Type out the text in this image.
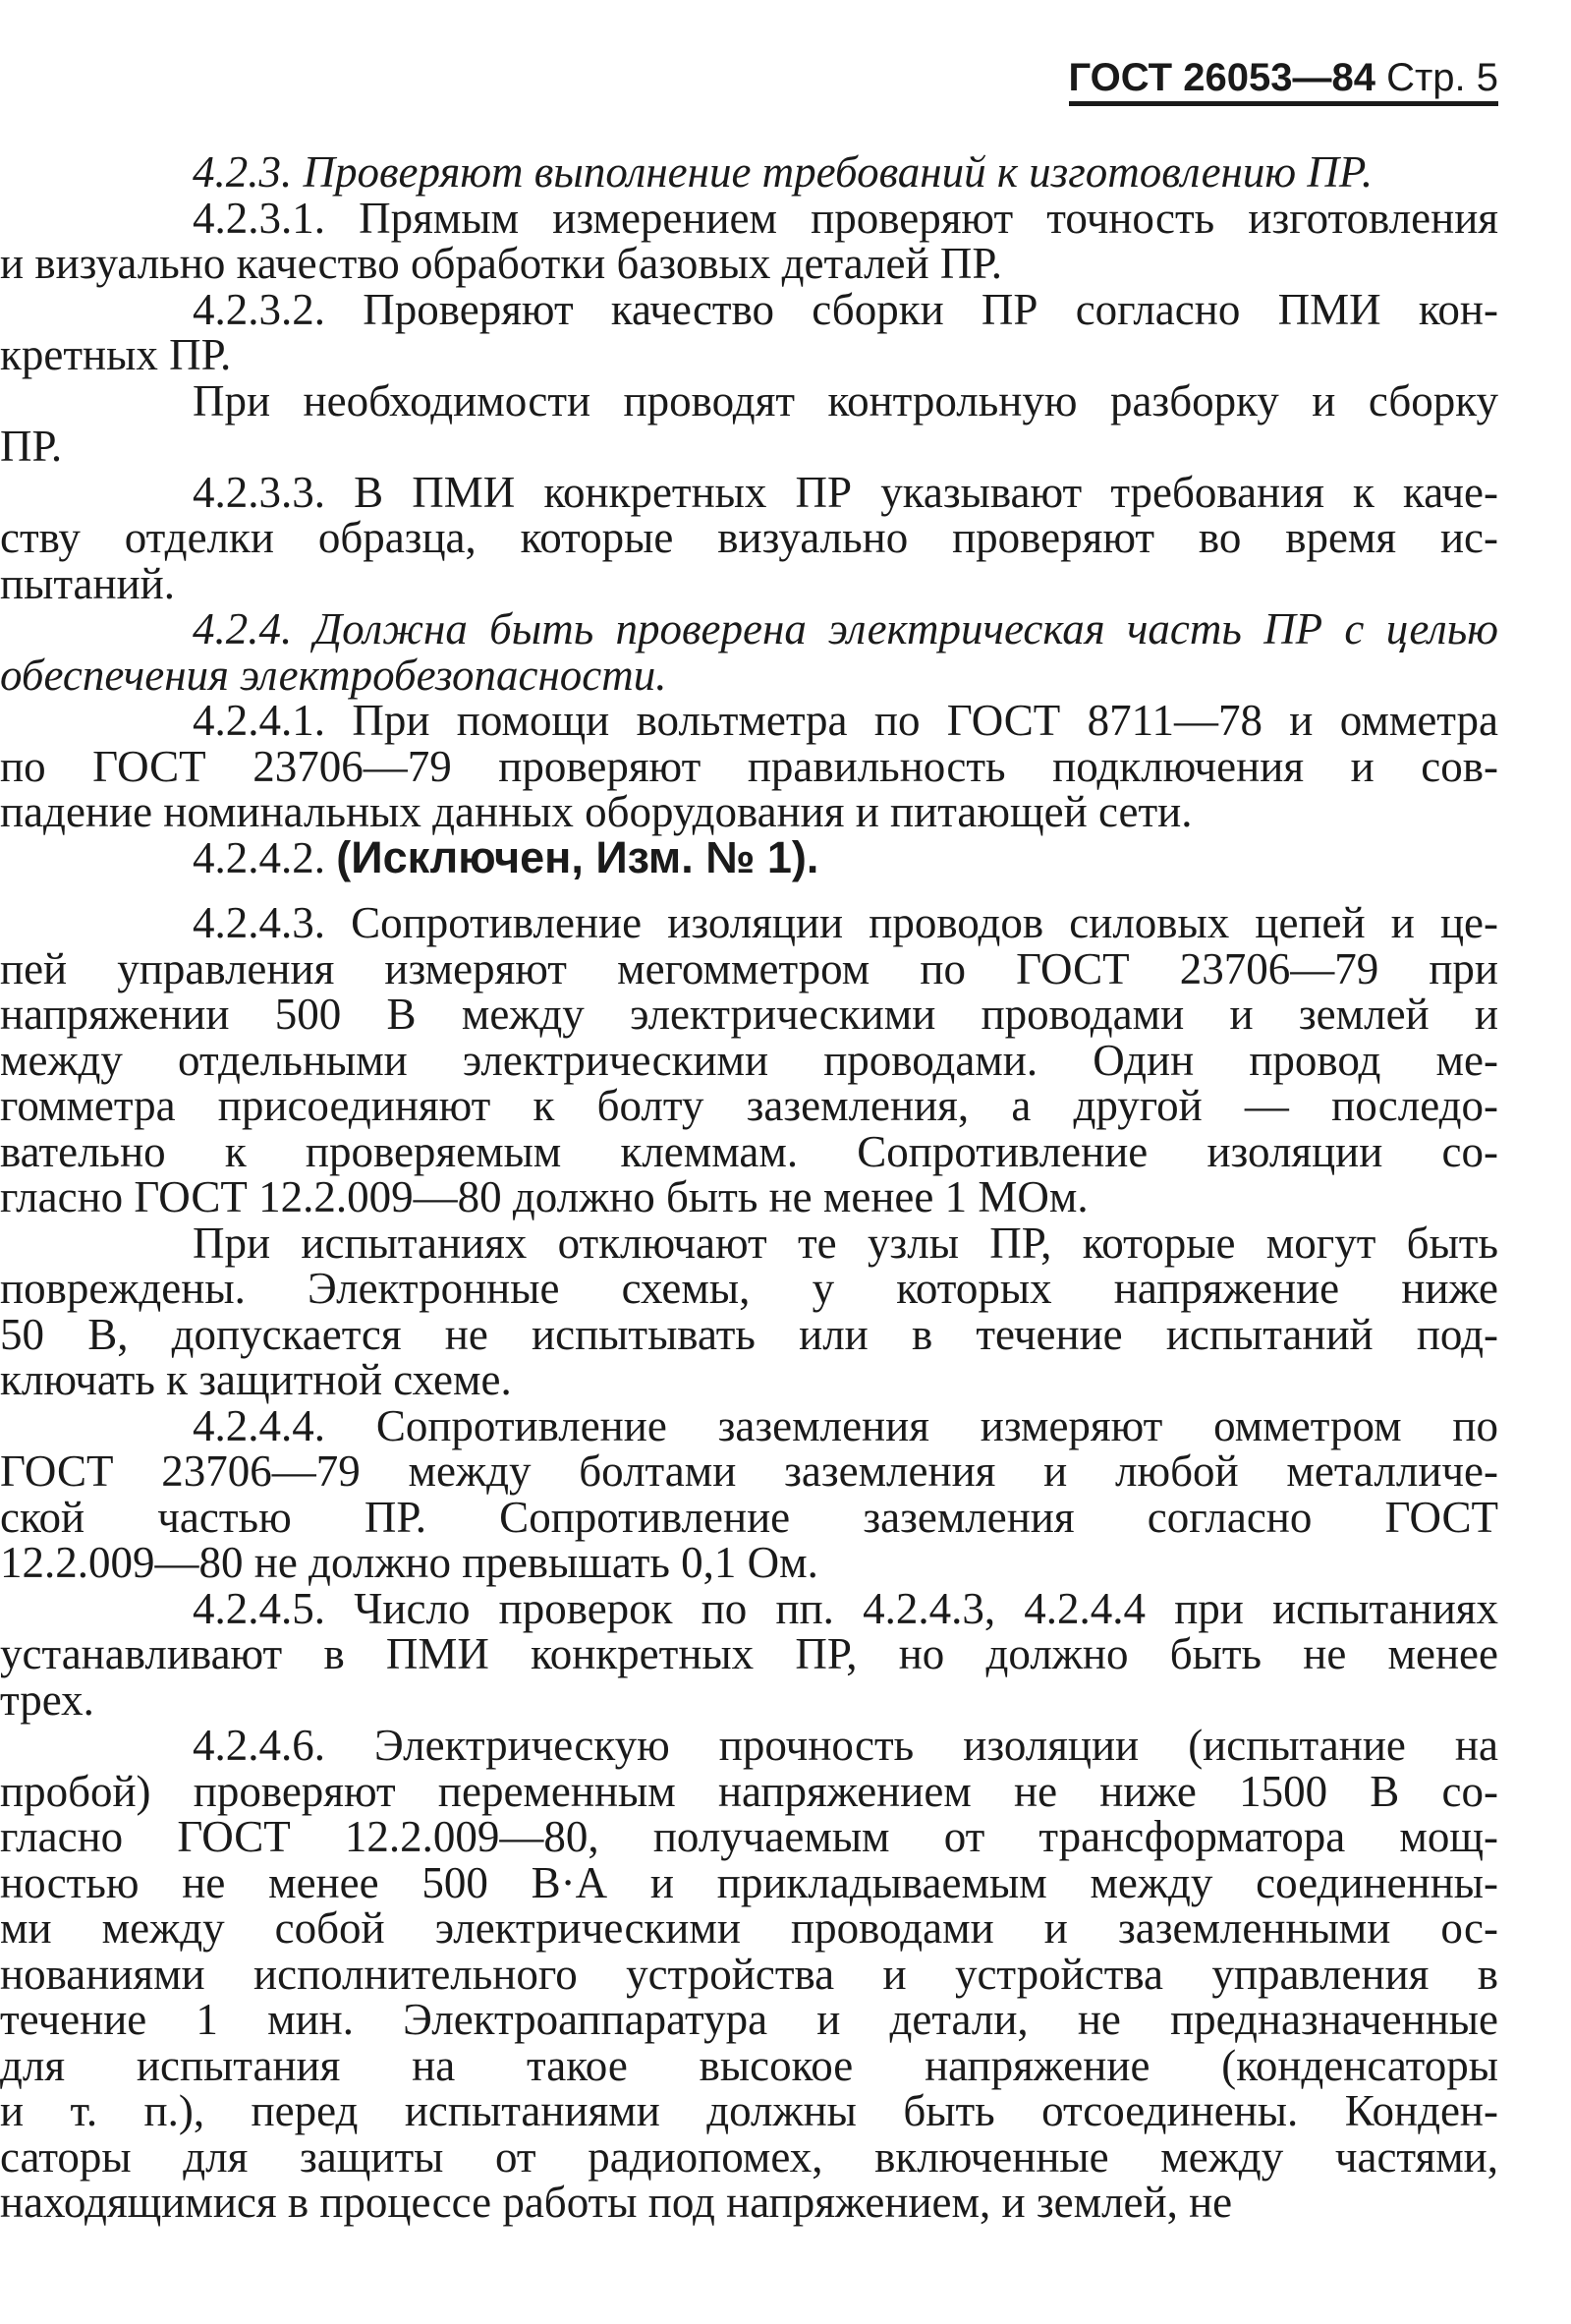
ГОСТ 26053—84 Стр. 5
4.2.3. Проверяют выполнение требований к изготовлению ПР.
4.2.3.1. Прямым измерением проверяют точность изготовления
и визуально качество обработки базовых деталей ПР.
4.2.3.2. Проверяют качество сборки ПР согласно ПМИ кон-
кретных ПР.
При необходимости проводят контрольную разборку и сборку
ПР.
4.2.3.3. В ПМИ конкретных ПР указывают требования к каче-
ству отделки образца, которые визуально проверяют во время ис-
пытаний.
4.2.4. Должна быть проверена электрическая часть ПР с целью
обеспечения электробезопасности.
4.2.4.1. При помощи вольтметра по ГОСТ 8711—78 и омметра
по ГОСТ 23706—79 проверяют правильность подключения и сов-
падение номинальных данных оборудования и питающей сети.
4.2.4.2. (Исключен, Изм. № 1).
4.2.4.3. Сопротивление изоляции проводов силовых цепей и це-
пей управления измеряют мегомметром по ГОСТ 23706—79 при
напряжении 500 В между электрическими проводами и землей и
между отдельными электрическими проводами. Один провод ме-
гомметра присоединяют к болту заземления, а другой — последо-
вательно к проверяемым клеммам. Сопротивление изоляции со-
гласно ГОСТ 12.2.009—80 должно быть не менее 1 МОм.
При испытаниях отключают те узлы ПР, которые могут быть
повреждены. Электронные схемы, у которых напряжение ниже
50 В, допускается не испытывать или в течение испытаний под-
ключать к защитной схеме.
4.2.4.4. Сопротивление заземления измеряют омметром по
ГОСТ 23706—79 между болтами заземления и любой металличе-
ской частью ПР. Сопротивление заземления согласно ГОСТ
12.2.009—80 не должно превышать 0,1 Ом.
4.2.4.5. Число проверок по пп. 4.2.4.3, 4.2.4.4 при испытаниях
устанавливают в ПМИ конкретных ПР, но должно быть не менее
трех.
4.2.4.6. Электрическую прочность изоляции (испытание на
пробой) проверяют переменным напряжением не ниже 1500 В со-
гласно ГОСТ 12.2.009—80, получаемым от трансформатора мощ-
ностью не менее 500 В·А и прикладываемым между соединенны-
ми между собой электрическими проводами и заземленными ос-
нованиями исполнительного устройства и устройства управления в
течение 1 мин. Электроаппаратура и детали, не предназначенные
для испытания на такое высокое напряжение (конденсаторы
и т. п.), перед испытаниями должны быть отсоединены. Конден-
саторы для защиты от радиопомех, включенные между частями,
находящимися в процессе работы под напряжением, и землей, не
